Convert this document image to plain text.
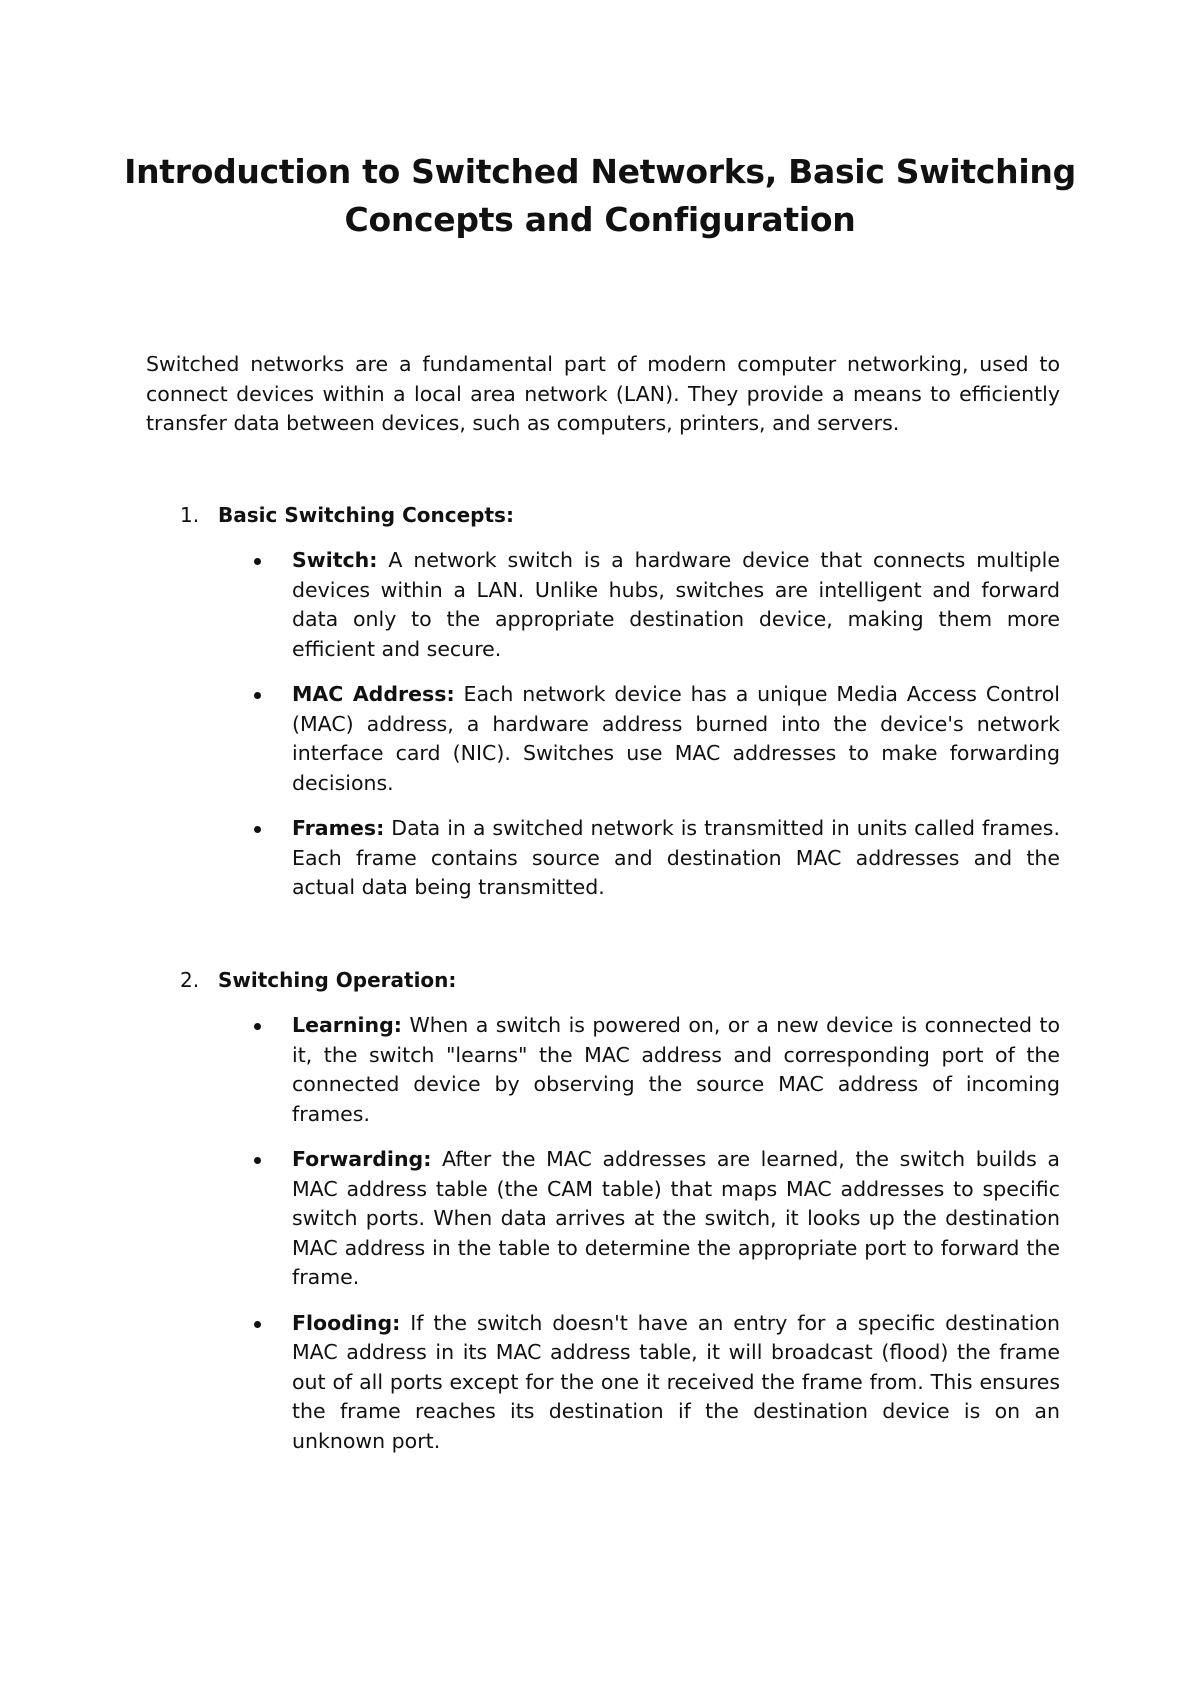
Introduction to Switched Networks, Basic Switching
Concepts and Configuration

Switched networks are a fundamental part of modern computer networking, used to connect devices within a local area network (LAN). They provide a means to efficiently transfer data between devices, such as computers, printers, and servers.

1. Basic Switching Concepts:
Switch: A network switch is a hardware device that connects multiple devices within a LAN. Unlike hubs, switches are intelligent and forward data only to the appropriate destination device, making them more efficient and secure.
MAC Address: Each network device has a unique Media Access Control (MAC) address, a hardware address burned into the device's network interface card (NIC). Switches use MAC addresses to make forwarding decisions.
Frames: Data in a switched network is transmitted in units called frames. Each frame contains source and destination MAC addresses and the actual data being transmitted.
2. Switching Operation:
Learning: When a switch is powered on, or a new device is connected to it, the switch "learns" the MAC address and corresponding port of the connected device by observing the source MAC address of incoming frames.
Forwarding: After the MAC addresses are learned, the switch builds a MAC address table (the CAM table) that maps MAC addresses to specific switch ports. When data arrives at the switch, it looks up the destination MAC address in the table to determine the appropriate port to forward the frame.
Flooding: If the switch doesn't have an entry for a specific destination MAC address in its MAC address table, it will broadcast (flood) the frame out of all ports except for the one it received the frame from. This ensures the frame reaches its destination if the destination device is on an unknown port.
